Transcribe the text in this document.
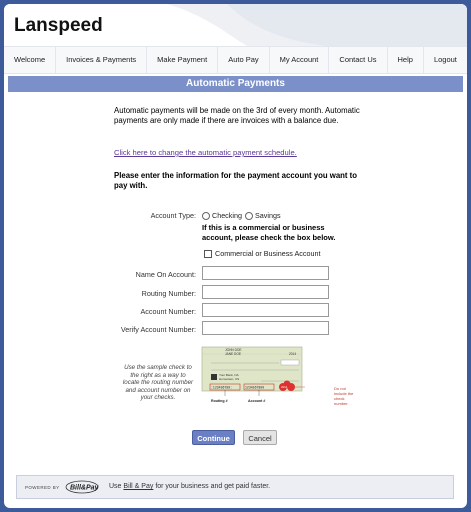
Lanspeed
Welcome	Invoices & Payments	Make Payment	Auto Pay	My Account	Contact Us	Help	Logout
Automatic Payments
Automatic payments will be made on the 3rd of every month. Automatic payments are only made if there are invoices with a balance due.
Click here to change the automatic payment schedule.
Please enter the information for the payment account you want to pay with.
Account Type:	Checking	Savings
If this is a commercial or business account, please check the box below.
Commercial or Business Account
Name On Account:
Routing Number:
Account Number:
Verify Account Number:
Use the sample check to the right as a way to locate the routing number and account number on your checks.
JOHN DOE
JANE DOE	2014
Your Bank, NA
Hometown, US
:123456789:	1234567890	2014
Routing #	Account #
Do not include the check number.
Continue	Cancel
POWERED BY Bill&Pay Use Bill & Pay for your business and get paid faster.
